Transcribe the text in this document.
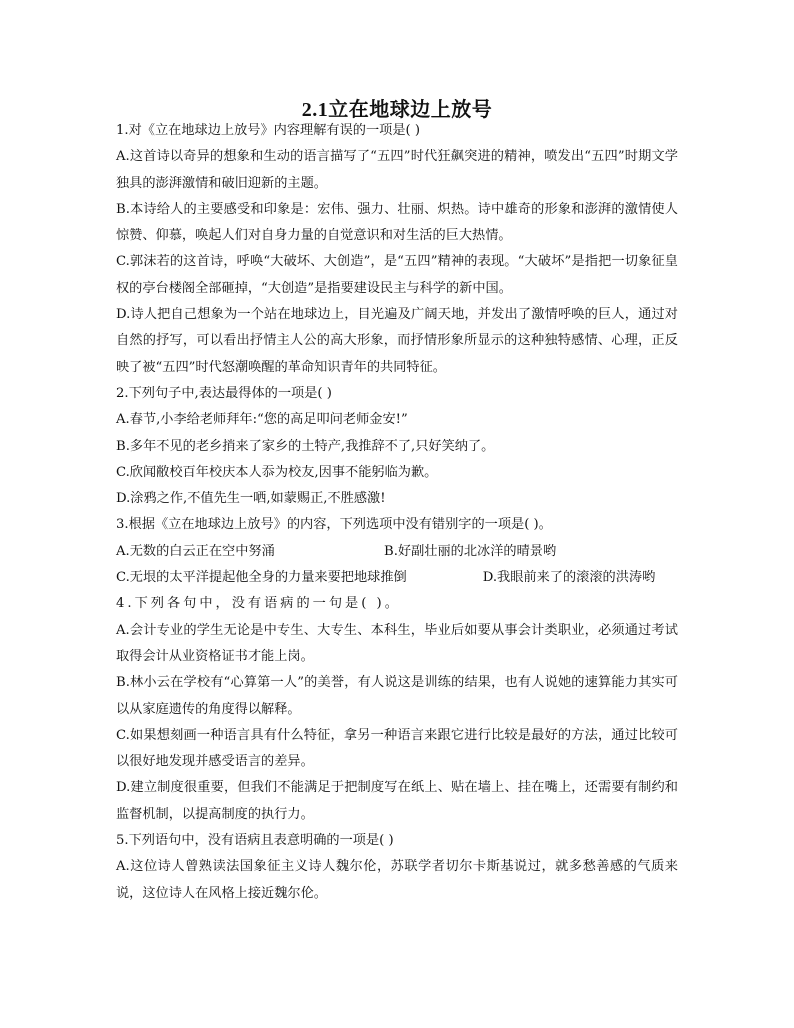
2.1立在地球边上放号

1.对《立在地球边上放号》内容理解有误的一项是( )

A.这首诗以奇异的想象和生动的语言描写了“五四”时代狂飙突进的精神，喷发出“五四”时期文学独具的澎湃激情和破旧迎新的主题。

B.本诗给人的主要感受和印象是：宏伟、强力、壮丽、炽热。诗中雄奇的形象和澎湃的激情使人惊赞、仰慕，唤起人们对自身力量的自觉意识和对生活的巨大热情。

C.郭沫若的这首诗，呼唤“大破坏、大创造”，是“五四”精神的表现。“大破坏”是指把一切象征皇权的亭台楼阁全部砸掉，“大创造”是指要建设民主与科学的新中国。

D.诗人把自己想象为一个站在地球边上，目光遍及广阔天地，并发出了激情呼唤的巨人，通过对自然的抒写，可以看出抒情主人公的高大形象，而抒情形象所显示的这种独特感情、心理，正反映了被“五四”时代怒潮唤醒的革命知识青年的共同特征。

2.下列句子中,表达最得体的一项是( )

A.春节,小李给老师拜年:“您的高足叩问老师金安!”

B.多年不见的老乡捎来了家乡的土特产,我推辞不了,只好笑纳了。

C.欣闻敝校百年校庆本人忝为校友,因事不能躬临为歉。

D.涂鸦之作,不值先生一哂,如蒙赐正,不胜感激!

3.根据《立在地球边上放号》的内容，下列选项中没有错别字的一项是( )。

A.无数的白云正在空中努涌	B.好副壮丽的北冰洋的晴景哟

C.无垠的太平洋提起他全身的力量来要把地球推倒	D.我眼前来了的滚滚的洪涛哟

4.下列各句中，没有语病的一句是( )。

A.会计专业的学生无论是中专生、大专生、本科生，毕业后如要从事会计类职业，必须通过考试取得会计从业资格证书才能上岗。

B.林小云在学校有“心算第一人”的美誉，有人说这是训练的结果，也有人说她的速算能力其实可以从家庭遗传的角度得以解释。

C.如果想刻画一种语言具有什么特征，拿另一种语言来跟它进行比较是最好的方法，通过比较可以很好地发现并感受语言的差异。

D.建立制度很重要，但我们不能满足于把制度写在纸上、贴在墙上、挂在嘴上，还需要有制约和监督机制，以提高制度的执行力。

5.下列语句中，没有语病且表意明确的一项是( )

A.这位诗人曾熟读法国象征主义诗人魏尔伦，苏联学者切尔卡斯基说过，就多愁善感的气质来说，这位诗人在风格上接近魏尔伦。
